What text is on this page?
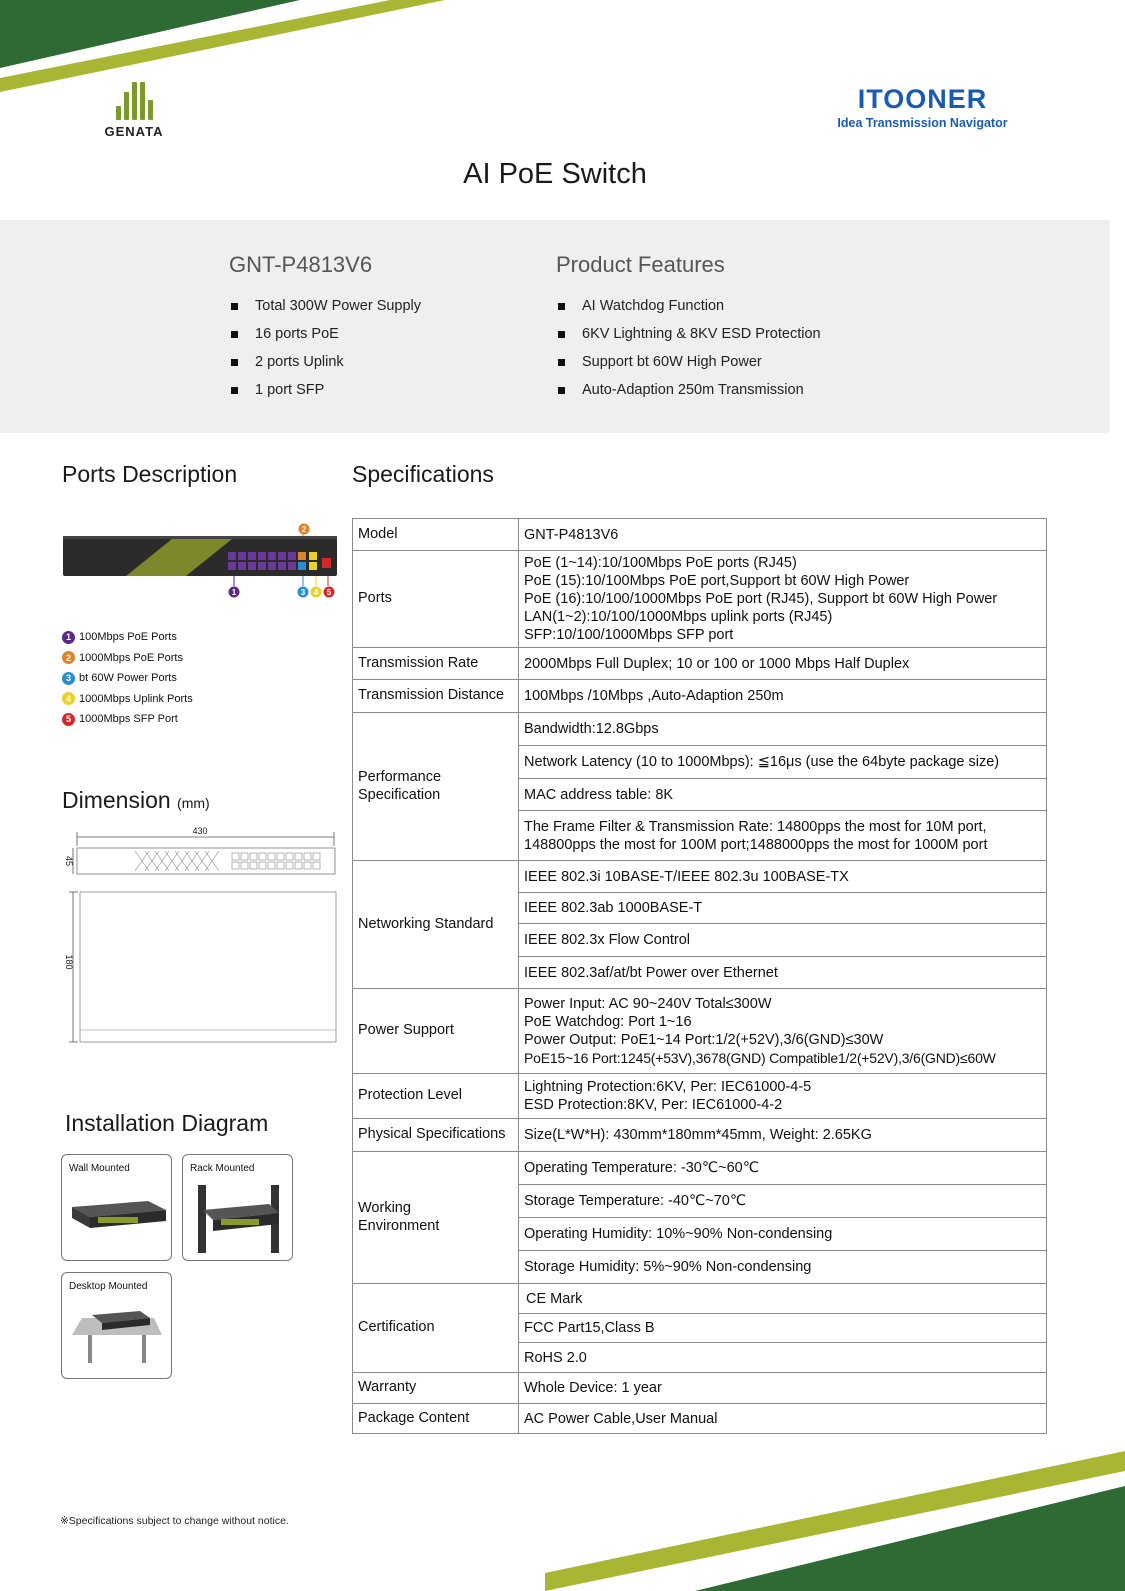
GENATA
ITOONER
Idea Transmission Navigator
AI PoE Switch
GNT-P4813V6
Total 300W Power Supply
16 ports PoE
2 ports Uplink
1 port SFP
Product Features
AI Watchdog Function
6KV Lightning & 8KV ESD Protection
Support bt 60W High Power
Auto-Adaption 250m Transmission
Ports Description
2
1	3 4 5
1 100Mbps PoE Ports
2 1000Mbps PoE Ports
3 bt 60W Power Ports
4 1000Mbps Uplink Ports
5 1000Mbps SFP Port
Dimension (mm)
430
45
180
Installation Diagram
Wall Mounted	Rack Mounted
Desktop Mounted
Specifications
Model	GNT-P4813V6

Ports	PoE (1~14):10/100Mbps PoE ports (RJ45)
PoE (15):10/100Mbps PoE port,Support bt 60W High Power
PoE (16):10/100/1000Mbps PoE port (RJ45), Support bt 60W High Power
LAN(1~2):10/100/1000Mbps uplink ports (RJ45)
SFP:10/100/1000Mbps SFP port

Transmission Rate	2000Mbps Full Duplex; 10 or 100 or 1000 Mbps Half Duplex

Transmission Distance	100Mbps /10Mbps ,Auto-Adaption 250m

Performance Specification	Bandwidth:12.8Gbps

	Network Latency (10 to 1000Mbps): ≦16μs (use the 64byte package size)

	MAC address table: 8K

	The Frame Filter & Transmission Rate: 14800pps the most for 10M port,
148800pps the most for 100M port;1488000pps the most for 1000M port

Networking Standard	IEEE 802.3i 10BASE-T/IEEE 802.3u 100BASE-TX

	IEEE 802.3ab 1000BASE-T

	IEEE 802.3x Flow Control

	IEEE 802.3af/at/bt Power over Ethernet

Power Support	Power Input: AC 90~240V Total≤300W
PoE Watchdog: Port 1~16
Power Output: PoE1~14 Port:1/2(+52V),3/6(GND)≤30W
PoE15~16 Port:1245(+53V),3678(GND) Compatible1/2(+52V),3/6(GND)≤60W

Protection Level	Lightning Protection:6KV, Per: IEC61000-4-5
ESD Protection:8KV, Per: IEC61000-4-2

Physical Specifications	Size(L*W*H): 430mm*180mm*45mm, Weight: 2.65KG

Working Environment	Operating Temperature: -30℃~60℃

	Storage Temperature: -40℃~70℃

	Operating Humidity: 10%~90% Non-condensing

	Storage Humidity: 5%~90% Non-condensing

Certification	CE Mark

	FCC Part15,Class B

	RoHS 2.0

Warranty	Whole Device: 1 year

Package Content	AC Power Cable,User Manual
※Specifications subject to change without notice.
